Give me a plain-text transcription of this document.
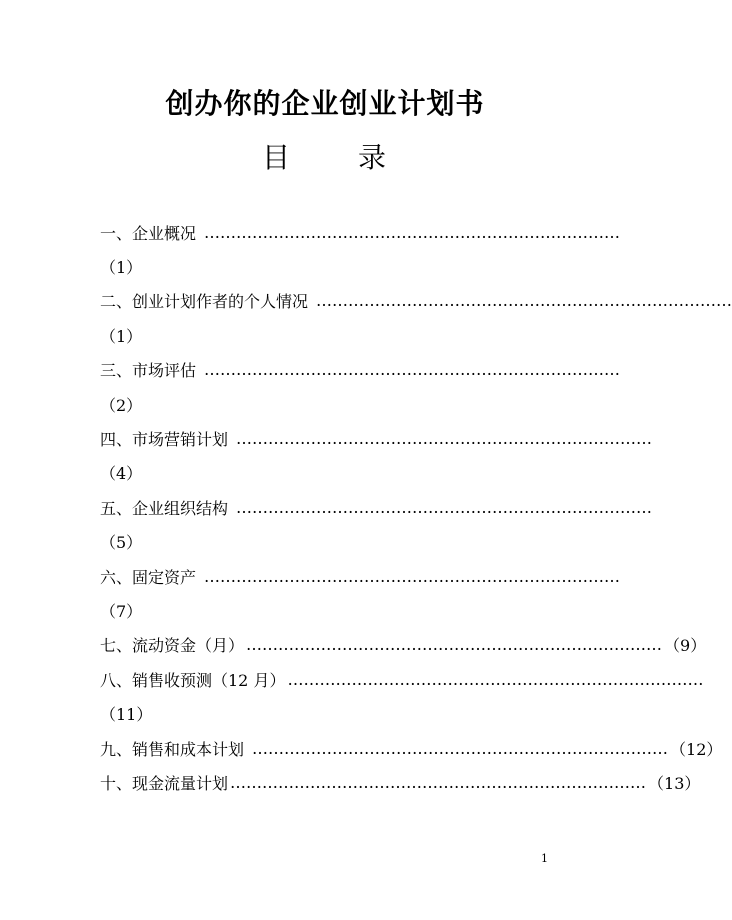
创办你的企业创业计划书
目 录
一、企业概况 ……………………………………………………………………
（1）
二、创业计划作者的个人情况 ……………………………………………………………………
（1）
三、市场评估 ……………………………………………………………………
（2）
四、市场营销计划 ……………………………………………………………………
（4）
五、企业组织结构 ……………………………………………………………………
（5）
六、固定资产 ……………………………………………………………………
（7）
七、流动资金（月） …………………………………………………………………… （9）
八、销售收预测（12 月） ……………………………………………………………………
（11）
九、销售和成本计划 …………………………………………………………………… （12）
十、现金流量计划 …………………………………………………………………… （13）
1
